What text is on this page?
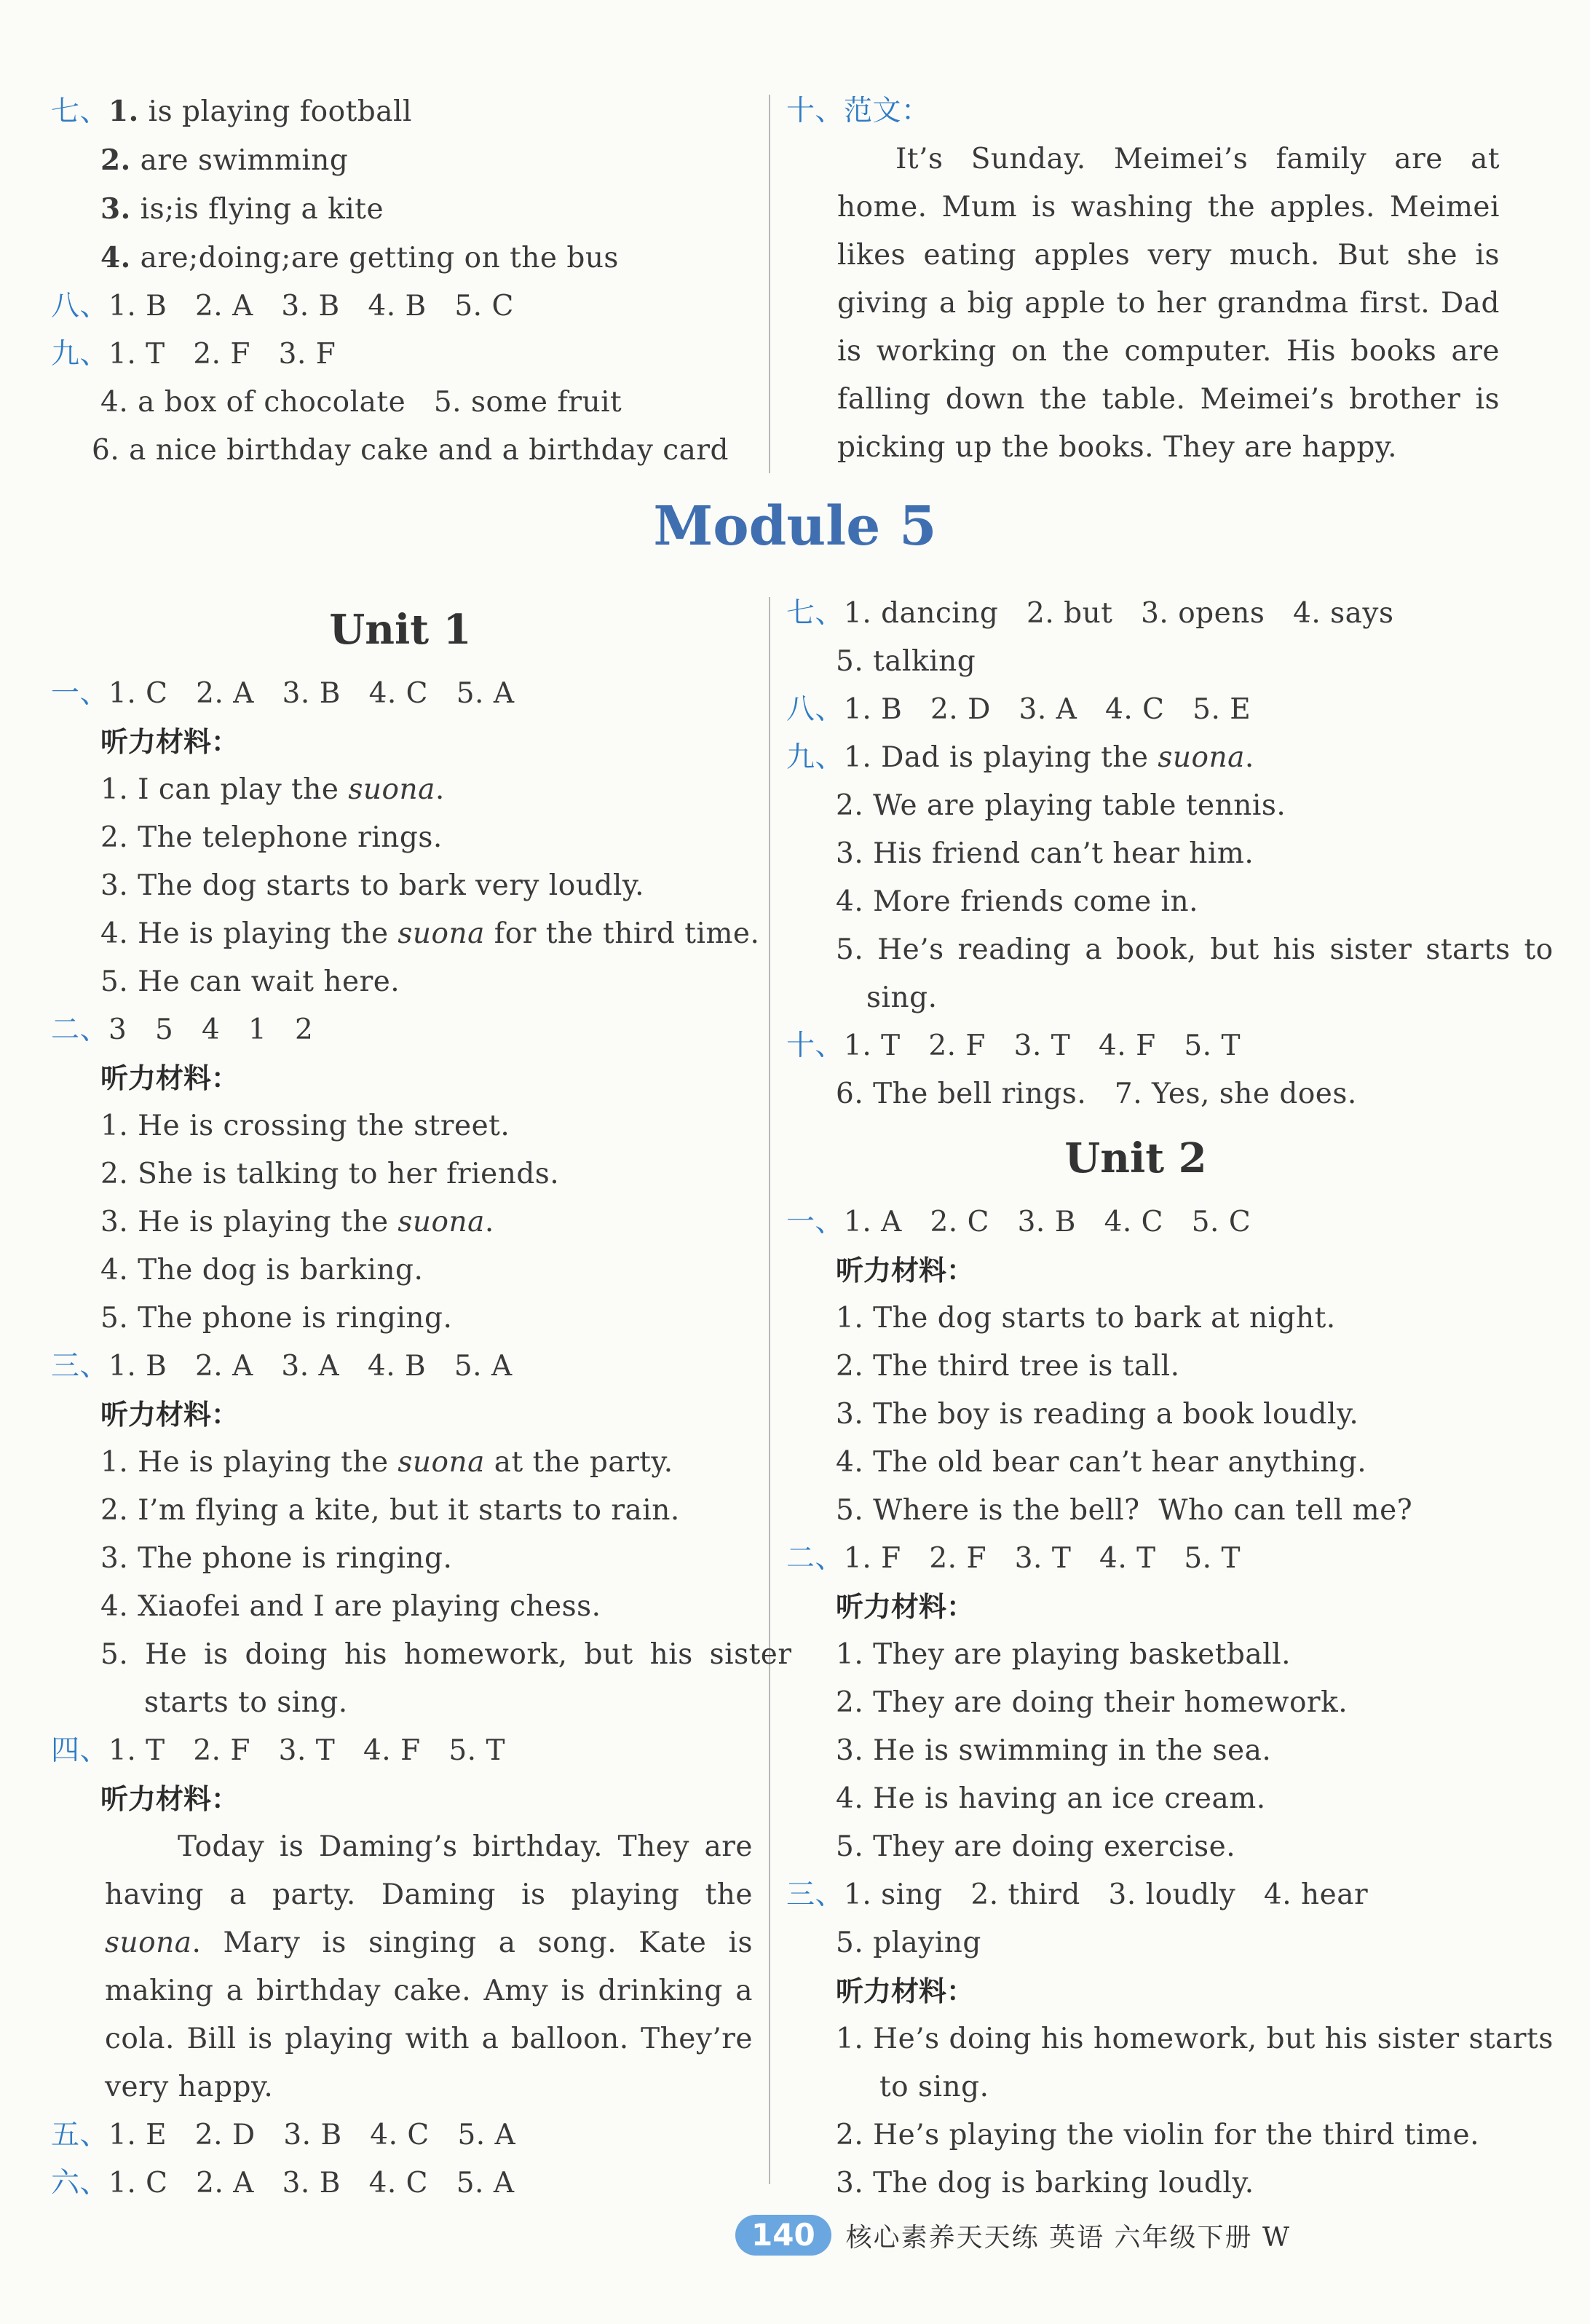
七、1. is playing football
2. are swimming
3. is;is flying a kite
4. are;doing;are getting on the bus
八、1. B   2. A   3. B   4. B   5. C
九、1. T   2. F   3. F
4. a box of chocolate   5. some fruit
6. a nice birthday cake and a birthday card
十、范文：
It’s Sunday. Meimei’s family are at home. Mum is washing the apples. Meimei likes eating apples very much. But she is giving a big apple to her grandma first. Dad is working on the computer. His books are falling down the table. Meimei’s brother is picking up the books. They are happy.
Module 5
Unit 1
一、1. C   2. A   3. B   4. C   5. A
听力材料：
1. I can play the suona.
2. The telephone rings.
3. The dog starts to bark very loudly.
4. He is playing the suona for the third time.
5. He can wait here.
二、3   5   4   1   2
听力材料：
1. He is crossing the street.
2. She is talking to her friends.
3. He is playing the suona.
4. The dog is barking.
5. The phone is ringing.
三、1. B   2. A   3. A   4. B   5. A
听力材料：
1. He is playing the suona at the party.
2. I’m flying a kite, but it starts to rain.
3. The phone is ringing.
4. Xiaofei and I are playing chess.
5. He is doing his homework, but his sister
starts to sing.
四、1. T   2. F   3. T   4. F   5. T
听力材料：
Today is Daming’s birthday. They are having a party. Daming is playing the suona. Mary is singing a song. Kate is making a birthday cake. Amy is drinking a cola. Bill is playing with a balloon. They’re very happy.
五、1. E   2. D   3. B   4. C   5. A
六、1. C   2. A   3. B   4. C   5. A
七、1. dancing   2. but   3. opens   4. says
5. talking
八、1. B   2. D   3. A   4. C   5. E
九、1. Dad is playing the suona.
2. We are playing table tennis.
3. His friend can’t hear him.
4. More friends come in.
5. He’s reading a book, but his sister starts to
sing.
十、1. T   2. F   3. T   4. F   5. T
6. The bell rings.   7. Yes, she does.
Unit 2
一、1. A   2. C   3. B   4. C   5. C
听力材料：
1. The dog starts to bark at night.
2. The third tree is tall.
3. The boy is reading a book loudly.
4. The old bear can’t hear anything.
5. Where is the bell?  Who can tell me?
二、1. F   2. F   3. T   4. T   5. T
听力材料：
1. They are playing basketball.
2. They are doing their homework.
3. He is swimming in the sea.
4. He is having an ice cream.
5. They are doing exercise.
三、1. sing   2. third   3. loudly   4. hear
5. playing
听力材料：
1. He’s doing his homework, but his sister starts
to sing.
2. He’s playing the violin for the third time.
3. The dog is barking loudly.
140	核心素养天天练 英语 六年级下册 W
